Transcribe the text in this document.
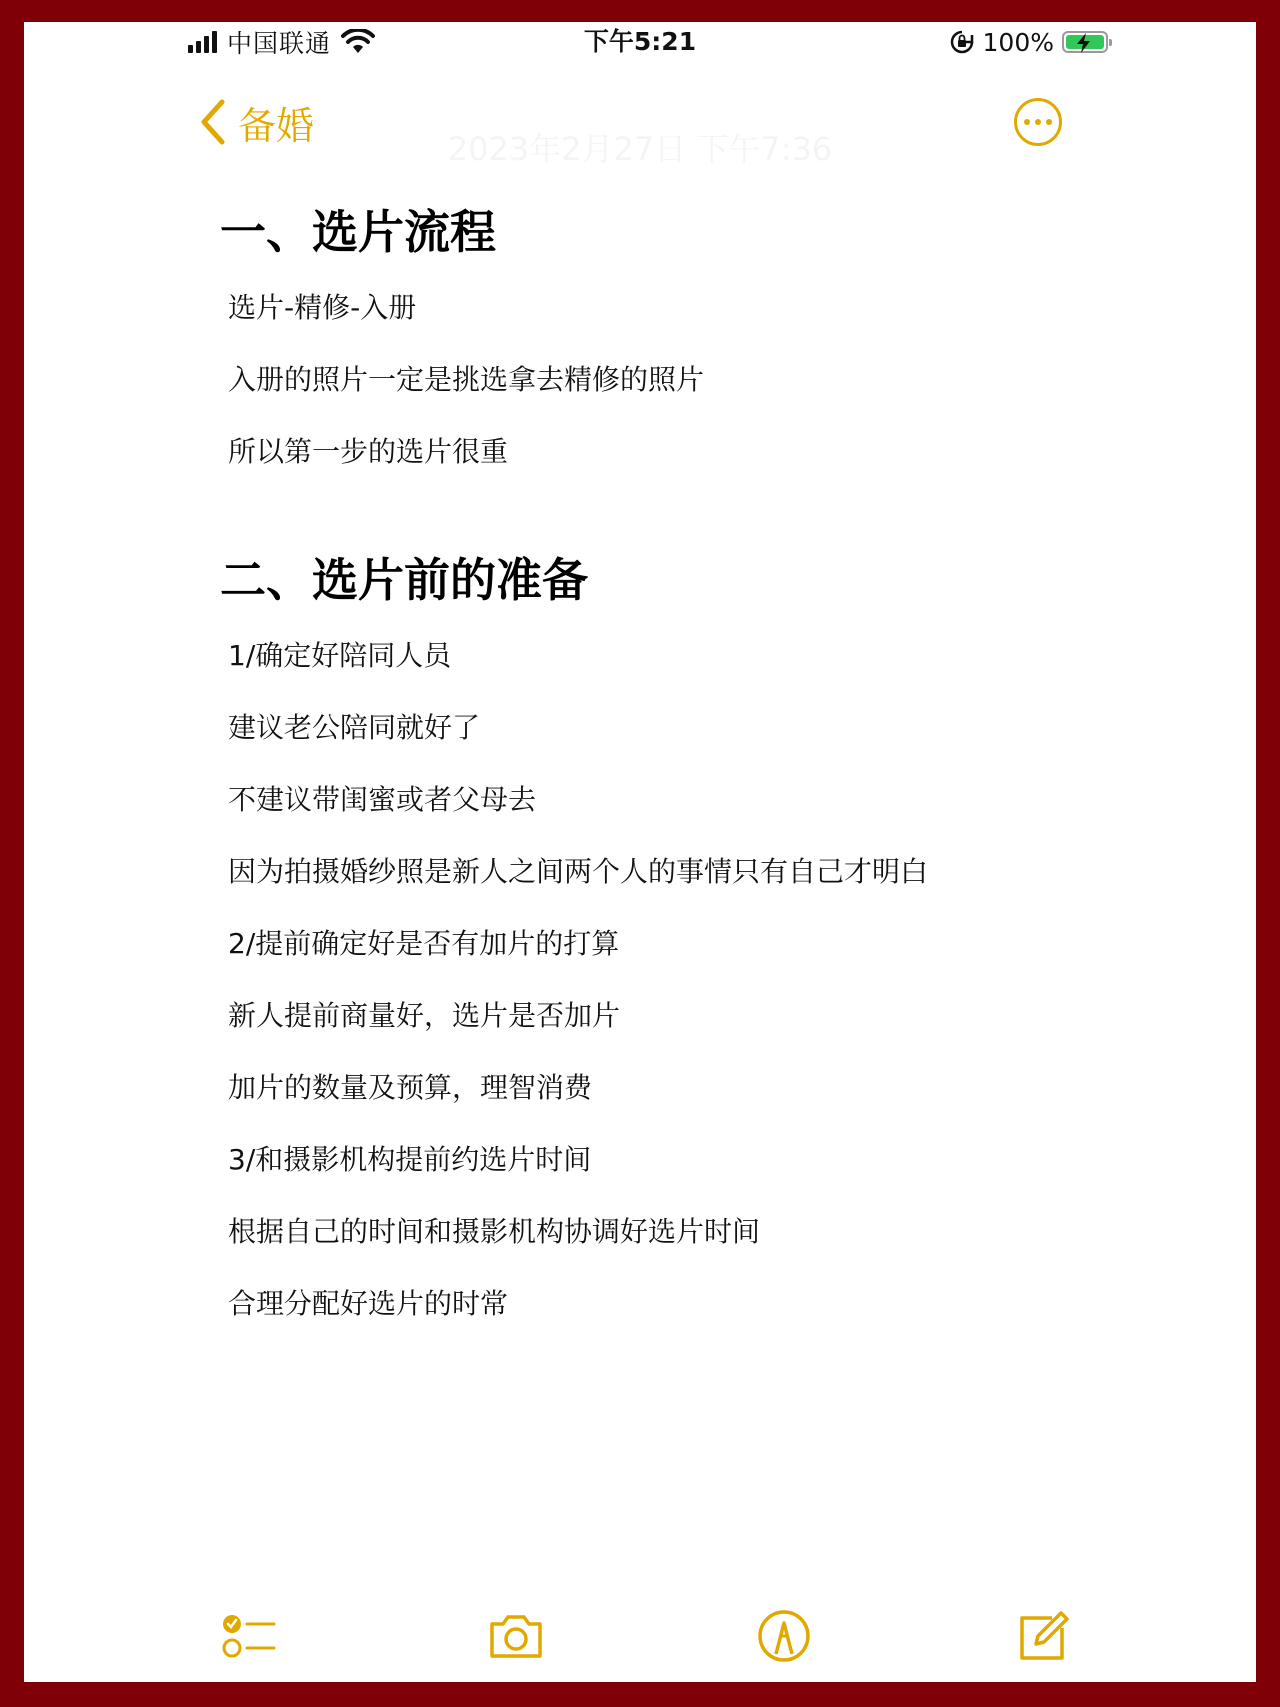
中国联通	下午5:21	100%
备婚
2023年2月27日 下午7:36
一、选片流程
选片-精修-入册
入册的照片一定是挑选拿去精修的照片
所以第一步的选片很重
二、选片前的准备
1/确定好陪同人员
建议老公陪同就好了
不建议带闺蜜或者父母去
因为拍摄婚纱照是新人之间两个人的事情只有自己才明白
2/提前确定好是否有加片的打算
新人提前商量好，选片是否加片
加片的数量及预算，理智消费
3/和摄影机构提前约选片时间
根据自己的时间和摄影机构协调好选片时间
合理分配好选片的时常
